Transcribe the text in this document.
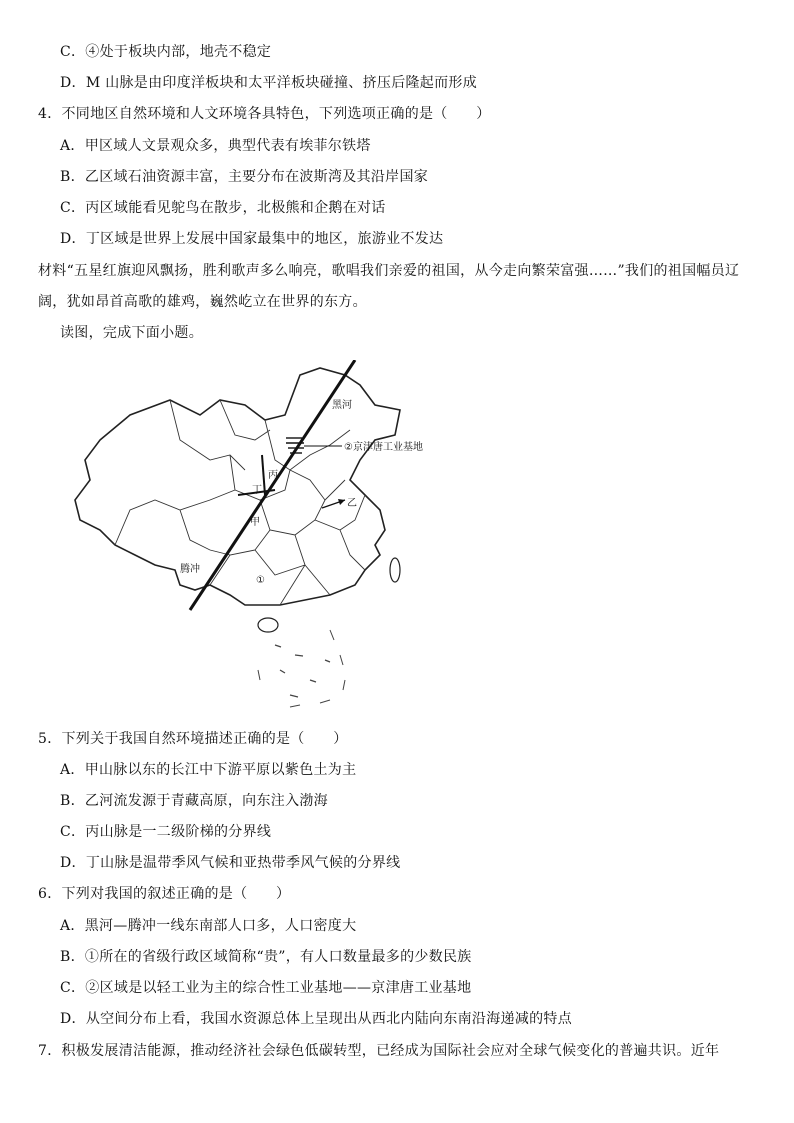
C．④处于板块内部，地壳不稳定
D．M 山脉是由印度洋板块和太平洋板块碰撞、挤压后隆起而形成
4．不同地区自然环境和人文环境各具特色，下列选项正确的是（　　）
A．甲区域人文景观众多，典型代表有埃菲尔铁塔
B．乙区域石油资源丰富，主要分布在波斯湾及其沿岸国家
C．丙区域能看见鸵鸟在散步，北极熊和企鹅在对话
D．丁区域是世界上发展中国家最集中的地区，旅游业不发达
材料“五星红旗迎风飘扬，胜利歌声多么响亮，歌唱我们亲爱的祖国，从今走向繁荣富强……”我们的祖国幅员辽
阔，犹如昂首高歌的雄鸡，巍然屹立在世界的东方。
读图，完成下面小题。
黑河
腾冲
②京津唐工业基地
乙
丙
丁
甲
①
5．下列关于我国自然环境描述正确的是（　　）
A．甲山脉以东的长江中下游平原以紫色土为主
B．乙河流发源于青藏高原，向东注入渤海
C．丙山脉是一二级阶梯的分界线
D．丁山脉是温带季风气候和亚热带季风气候的分界线
6．下列对我国的叙述正确的是（　　）
A．黑河—腾冲一线东南部人口多，人口密度大
B．①所在的省级行政区域简称“贵”，有人口数量最多的少数民族
C．②区域是以轻工业为主的综合性工业基地——京津唐工业基地
D．从空间分布上看，我国水资源总体上呈现出从西北内陆向东南沿海递减的特点
7．积极发展清洁能源，推动经济社会绿色低碳转型，已经成为国际社会应对全球气候变化的普遍共识。近年
